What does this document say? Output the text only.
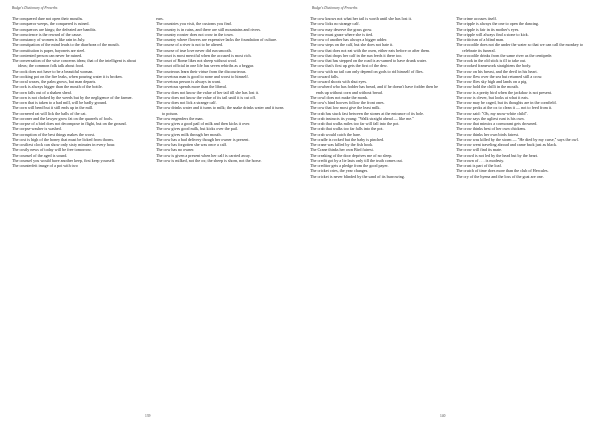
Budge's Dictionary of Proverbs

The conquered dare not open their mouths.

The conqueror weeps, the conquered is ruined.

The conquerors are kings; the defeated are bandits.

The conscience is the reward of the cause.

The constancy of women is like rain in July.

The constipation of the mind leads to the diarrhoea of the mouth.

The constitution is paper, bayonets are steel.

The contented person can never be ruined.

The conversation of the wise concerns ideas; that of the intelligent is about ideas; the common folk talk about food.

The cook does not have to be a beautiful woman.

The cooking pot on the fire leaks, when pouring water it is broken.

The coral waxes, the palm grows, but man departs.

The cork is always bigger than the mouth of the bottle.

The corn falls out of a shaken sheaf.

The corn is not choked by the weeds but by the negligence of the farmer.

The corn that is taken to a bad mill, will be badly ground.

The corn will bend but it still ends up in the mill.

The cornered rat will lick the balls of the cat.

The coroner and the lawyer grow fat on the quarrels of fools.

The corpse of a bird does not decompose in flight, but on the ground.

The corpse-washer is washed.

The corruption of the best things makes the worst.

The cost is high of the honey that must be licked from thorns.

The costliest clock can show only sixty minutes in every hour.

The costly news of today will be free tomorrow.

The counsel of the aged is sound.

The counsel you would have another keep, first keep yourself.

The counterfeit image of a pot with two

ears.

The countries you visit, the customs you find.

The country is in ruins, and there are still mountains and rivers.

The country rooster does not crow in the town.

The country where flowers are expensive lacks the foundation of culture.

The course of a river is not to be altered.

The course of true love never did run smooth.

The court is most merciful when the accused is most rich.

The court of Rome likes not sheep without wool.

The court official in one life has seven rebirths as a beggar.

The courteous learn their virtue from the discourteous.

The covetous man is good to none and worst to himself.

The covetous person is always in want.

The covetous spends more than the liberal.

The cow does not know the value of her tail till she has lost it.

The cow does not know the value of its tail until it is cut off.

The cow does not lick a strange calf.

The cow drinks water and it turns to milk; the snake drinks water and it turns to poison.

The cow engenders the man.

The cow gives a good pail of milk and then kicks it over.

The cow gives good milk, but kicks over the pail.

The cow gives milk through her mouth.

The cow has a bad delivery though her owner is present.

The cow has forgotten she was once a calf.

The cow has no owner.

The cow is given a present when her calf is carried away.

The cow is milked, not the ox; the sheep is shorn, not the horse.

139
Budge's Dictionary of Proverbs

The cow knows not what her tail is worth until she has lost it.

The cow licks no strange calf.

The cow may deserve the grass grow.

The cow must graze where she is tied.

The cow of another has always a bigger udder.

The cow steps on the calf, but she does not hate it.

The cow that does not eat with the oxen, either eats before or after them.

The cow that drops her calf in the sun feeds it there too.

The cow that has stepped on the road is as-sumed to have drunk water.

The cow that's first up gets the first of the dew.

The cow with no tail can only depend on gods to rid himself of flies.

The coward falls.

The coward shoots with shut eyes.

The cowherd who has fodder has bread, and if he doesn't have fodder then he ends up without corn and without bread.

The cowl does not make the monk.

The cow's hind hooves follow the front ones.

The cow that low most give the least milk.

The crab has stuck fast between the stones at the entrance of its hole.

The crab instructs its young: "Walk straight ahead — like me."

The crab that walks miles too far will fall into the pot.

The crab that walks too far falls into the pot.

The crab would catch the hare.

The cradle is rocked but the baby is pinched.

The crane was killed by the fish hook.

The Crane thinks her own Bird fairest.

The creaking of the door deprives me of no sleep.

The credit got by a lie lasts only till the truth comes out.

The creditor gets a pledge from the good payer.

The cricket cries, the year changes.

The cricket is never blinded by the sand of its burrowing.

The crime accuses itself.

The cripple is always the one to open the dancing.

The cripple is fair in its mother's eyes.

The cripple will always find a stone to kick.

The criticism of a blind man.

The crocodile does not die under the water so that we can call the monkey to celebrate its funeral.

The crocodile drinks from the same river as the centipede.

The crook in the old stick is ill to take out.

The crooked framework straightens the body.

The crow on his breast, and the devil in his heart.

The crow flew over the sea but returned still a crow.

The crow flies sky high and lands on a pig.

The crow hold the chilli in the mouth.

The crow is a pretty bird when the jackdaw is not present.

The crow is clever, but looks at what it eats.

The crow may be caged, but its thoughts are in the cornfield.

The crow pecks at the ox to clean it — not to feed from it.

The crow said: "Oh, my snow-white child".

The crow says the ugliest runt is his own.

The crow that mimics a cormorant gets drowned.

The crow thinks best of her own chickens.

The crow thinks her own birds fairest.

The crow was killed by the storm — "He died by my curse," says the owl.

The crow went traveling abroad and came back just as black.

The crow will find its mate.

The crowd is not led by the head but by the heart.

The crown of . . . is modesty.

The crust is part of the loaf.

The crutch of time does more than the club of Hercules.

The cry of the hyena and the loss of the goat are one.

140
